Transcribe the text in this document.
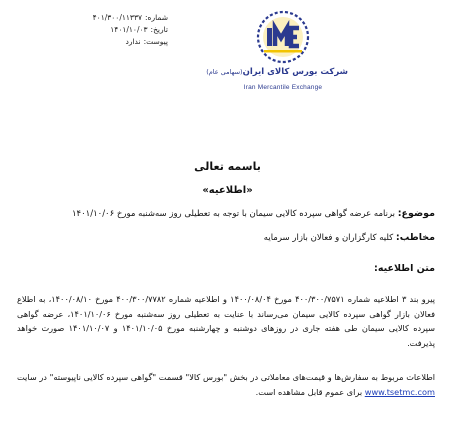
شماره:
۴۰۱/۳۰۰/۱۱۳۳۷
تاریخ:
۱۴۰۱/۱۰/۰۳
پیوست:
ندارد
شرکت بورس کالای ایران(سهامی عام)
Iran Mercantile Exchange
باسمه تعالی
«اطلاعیه»
موضوع: برنامه عرضه گواهی سپرده کالایی سیمان با توجه به تعطیلی روز سه‌شنبه مورخ ۱۴۰۱/۱۰/۰۶
مخاطب: کلیه کارگزاران و فعالان بازار سرمایه
متن اطلاعیه:
پیرو بند ۳ اطلاعیه شماره ۴۰۰/۳۰۰/۷۵۷۱ مورخ ۱۴۰۰/۰۸/۰۴ و اطلاعیه شماره ۴۰۰/۳۰۰/۷۷۸۲ مورخ ۱۴۰۰/۰۸/۱۰، به اطلاع فعالان بازار گواهی سپرده کالایی سیمان می‌رساند با عنایت به تعطیلی روز سه‌شنبه مورخ ۱۴۰۱/۱۰/۰۶، عرضه گواهی سپرده کالایی سیمان طی هفته جاری در روزهای دوشنبه و چهارشنبه مورخ ۱۴۰۱/۱۰/۰۵ و ۱۴۰۱/۱۰/۰۷ صورت خواهد پذیرفت.
اطلاعات مربوط به سفارش‌ها و قیمت‌های معاملاتی در بخش "بورس کالا" قسمت "گواهی سپرده کالایی ناپیوسته" در سایت www.tsetmc.com برای عموم قابل مشاهده است.
